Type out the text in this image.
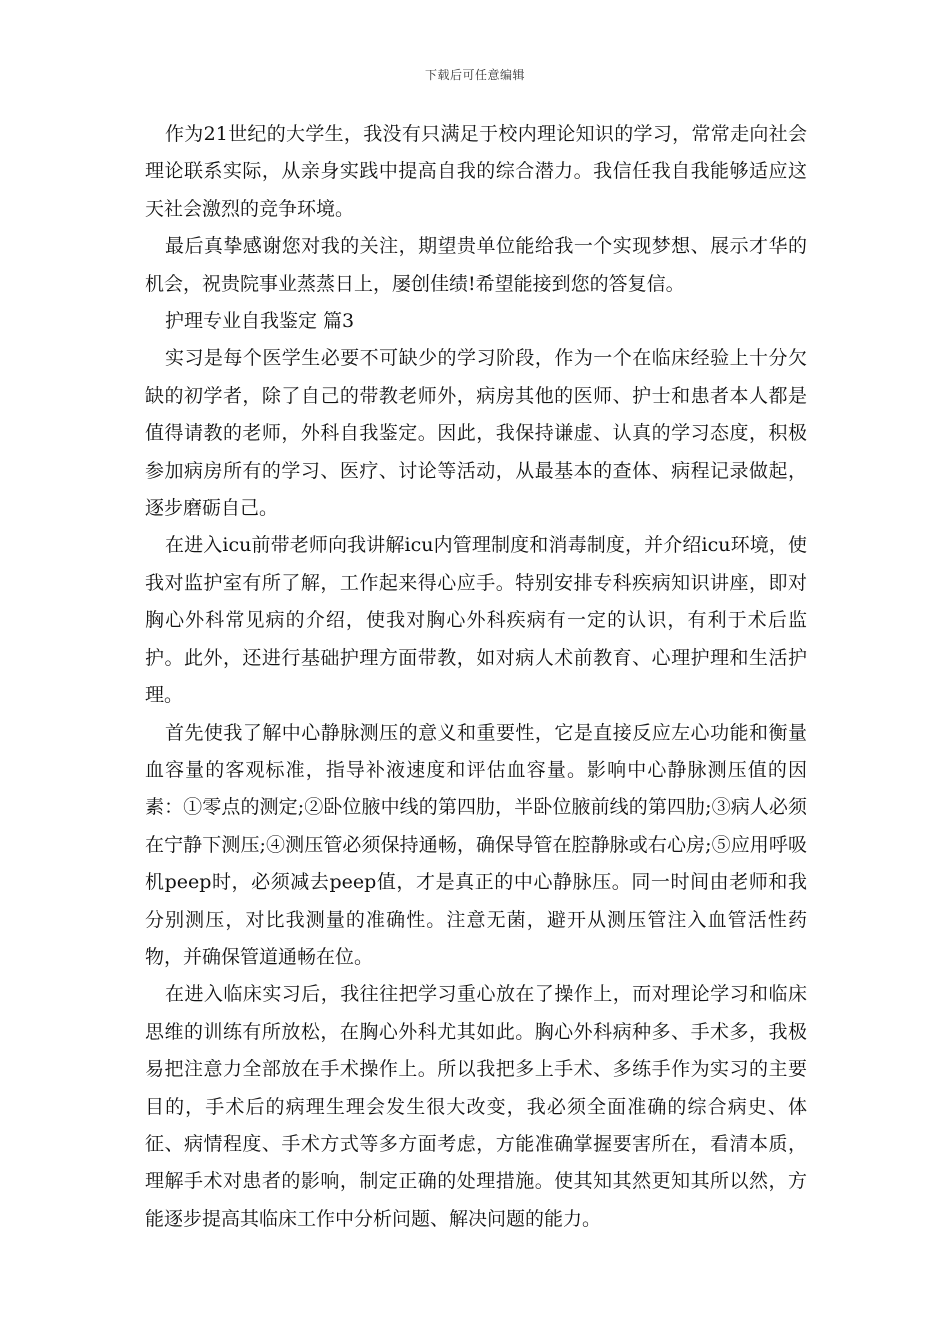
下载后可任意编辑

作为21世纪的大学生，我没有只满足于校内理论知识的学习，常常走向社会理论联系实际，从亲身实践中提高自我的综合潜力。我信任我自我能够适应这天社会激烈的竞争环境。

最后真挚感谢您对我的关注，期望贵单位能给我一个实现梦想、展示才华的机会，祝贵院事业蒸蒸日上，屡创佳绩!希望能接到您的答复信。

护理专业自我鉴定 篇3

实习是每个医学生必要不可缺少的学习阶段，作为一个在临床经验上十分欠缺的初学者，除了自己的带教老师外，病房其他的医师、护士和患者本人都是值得请教的老师，外科自我鉴定。因此，我保持谦虚、认真的学习态度，积极参加病房所有的学习、医疗、讨论等活动，从最基本的查体、病程记录做起，逐步磨砺自己。

在进入icu前带老师向我讲解icu内管理制度和消毒制度，并介绍icu环境，使我对监护室有所了解，工作起来得心应手。特别安排专科疾病知识讲座，即对胸心外科常见病的介绍，使我对胸心外科疾病有一定的认识，有利于术后监护。此外，还进行基础护理方面带教，如对病人术前教育、心理护理和生活护理。

首先使我了解中心静脉测压的意义和重要性，它是直接反应左心功能和衡量血容量的客观标准，指导补液速度和评估血容量。影响中心静脉测压值的因素：①零点的测定;②卧位腋中线的第四肋，半卧位腋前线的第四肋;③病人必须在宁静下测压;④测压管必须保持通畅，确保导管在腔静脉或右心房;⑤应用呼吸机peep时，必须减去peep值，才是真正的中心静脉压。同一时间由老师和我分别测压，对比我测量的准确性。注意无菌，避开从测压管注入血管活性药物，并确保管道通畅在位。

在进入临床实习后，我往往把学习重心放在了操作上，而对理论学习和临床思维的训练有所放松，在胸心外科尤其如此。胸心外科病种多、手术多，我极易把注意力全部放在手术操作上。所以我把多上手术、多练手作为实习的主要目的，手术后的病理生理会发生很大改变，我必须全面准确的综合病史、体征、病情程度、手术方式等多方面考虑，方能准确掌握要害所在，看清本质，理解手术对患者的影响，制定正确的处理措施。使其知其然更知其所以然，方能逐步提高其临床工作中分析问题、解决问题的能力。
